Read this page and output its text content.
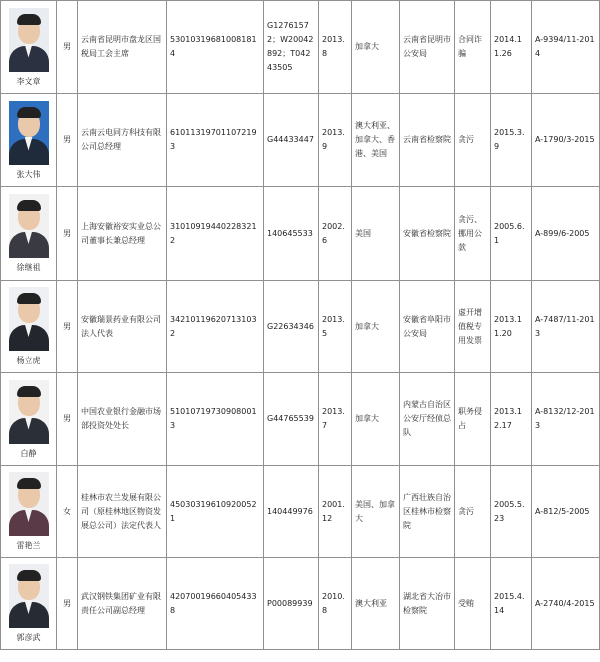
李文章	男	云南省昆明市盘龙区国税局工会主席	530103196810081814	G12761572；W20042892；T04243505	2013.8	加拿大	云南省昆明市公安局	合同诈骗	2014.11.26	A-9394/11-2014

张大伟	男	云南云电同方科技有限公司总经理	610113197011072193	G44433447	2013.9	澳大利亚、加拿大、香港、美国	云南省检察院	贪污	2015.3.9	A-1790/3-2015

徐继祖	男	上海安徽裕安实业总公司董事长兼总经理	310109194402283212	140645533	2002.6	美国	安徽省检察院	贪污、挪用公款	2005.6.1	A-899/6-2005

杨立虎	男	安徽瑞景药业有限公司法人代表	342101196207131032	G22634346	2013.5	加拿大	安徽省阜阳市公安局	虚开增值税专用发票	2013.11.20	A-7487/11-2013

白静	男	中国农业银行金融市场部投资处处长	510107197309080013	G44765539	2013.7	加拿大	内蒙古自治区公安厅经侦总队	职务侵占	2013.12.17	A-8132/12-2013

雷艳兰	女	桂林市农兰发展有限公司（原桂林地区物资发展总公司）法定代表人	450303196109200521	140449976	2001.12	美国、加拿大	广西壮族自治区桂林市检察院	贪污	2005.5.23	A-812/5-2005

郭彦武	男	武汉钢铁集团矿业有限责任公司副总经理	420700196604054338	P00089939	2010.8	澳大利亚	湖北省大冶市检察院	受贿	2015.4.14	A-2740/4-2015
